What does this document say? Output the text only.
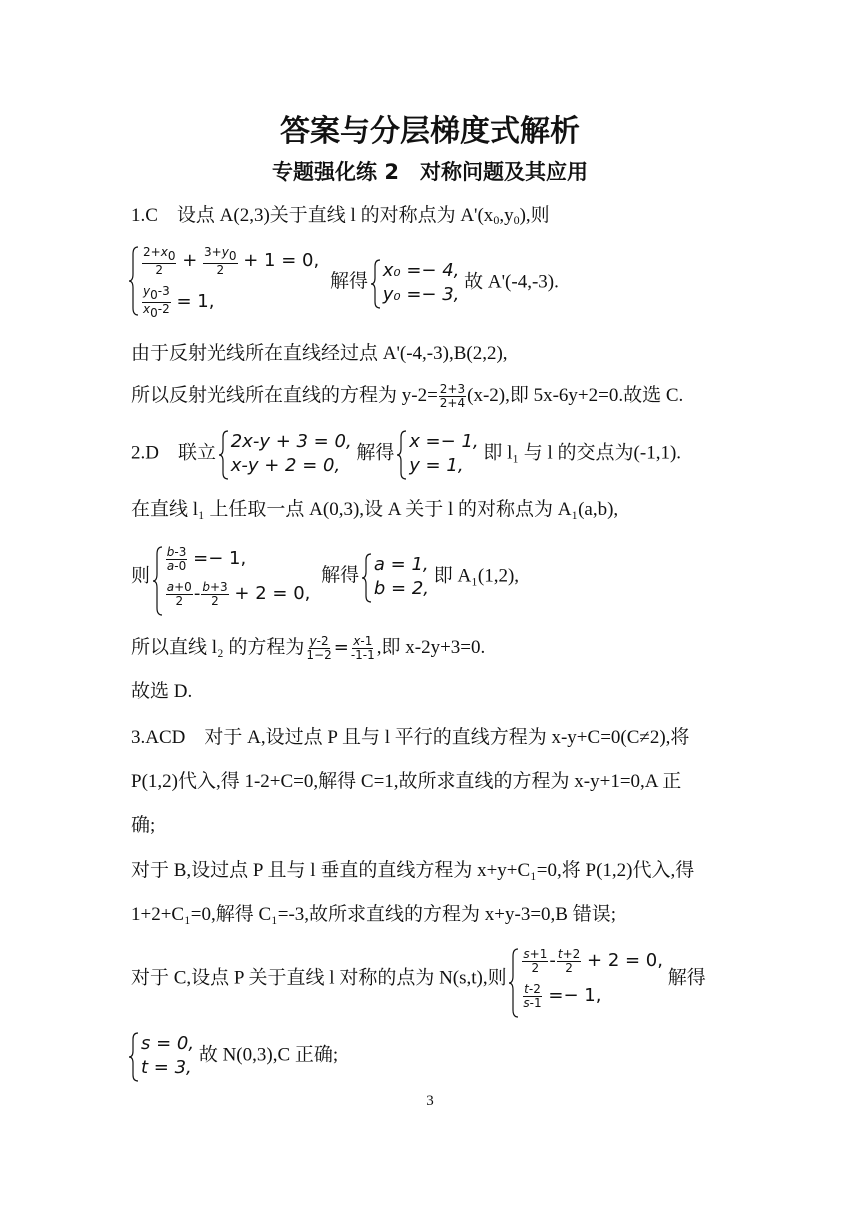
答案与分层梯度式解析
专题强化练 2　对称问题及其应用
1.C　设点 A(2,3)关于直线 l 的对称点为 $A'(x_0,y_0)$,则
$\frac{2+x0}{2} + \frac{3+y0}{2} + 1 = 0$,
$\frac{y0-3}{x0-2} = 1$,
解得
x₀ =− 4,
y₀ =− 3,
故 A'(-4,-3).
由于反射光线所在直线经过点 A'(-4,-3),B(2,2),
所以反射光线所在直线的方程为 $y-2= \frac{2+3}{2+4} (x-2)$,即 5x-6y+2=0.故选 C.
2.D　联立
2x-y + 3 = 0,
x-y + 2 = 0,
解得
x =− 1,
y = 1,
即 l₁ 与 l 的交点为(-1,1).
在直线 l₁ 上任取一点 A(0,3),设 A 关于 l 的对称点为 A₁(a,b),
则
$\frac{b-3}{a-0} =- 1$,
$\frac{a+0}{2} - \frac{b+3}{2} + 2 = 0$,
解得
a = 1,
b = 2,
即 A₁(1,2),
所以直线 l₂ 的方程为 $\frac{y-2}{1-2} = \frac{x-1}{-1-1}$ ,即 x-2y+3=0.
故选 D.
3.ACD　对于 A,设过点 P 且与 l 平行的直线方程为 x-y+C=0(C≠2),将
P(1,2)代入,得 1-2+C=0,解得 C=1,故所求直线的方程为 x-y+1=0,A 正
确;
对于 B,设过点 P 且与 l 垂直的直线方程为 x+y+C₁=0,将 P(1,2)代入,得
1+2+C₁=0,解得 C₁=-3,故所求直线的方程为 x+y-3=0,B 错误;
对于 C,设点 P 关于直线 l 对称的点为 N(s,t),则
$\frac{s+1}{2} - \frac{t+2}{2} + 2 = 0$,
$\frac{t-2}{s-1} =- 1$,
解得
s = 0,
t = 3,
故 N(0,3),C 正确;
3
